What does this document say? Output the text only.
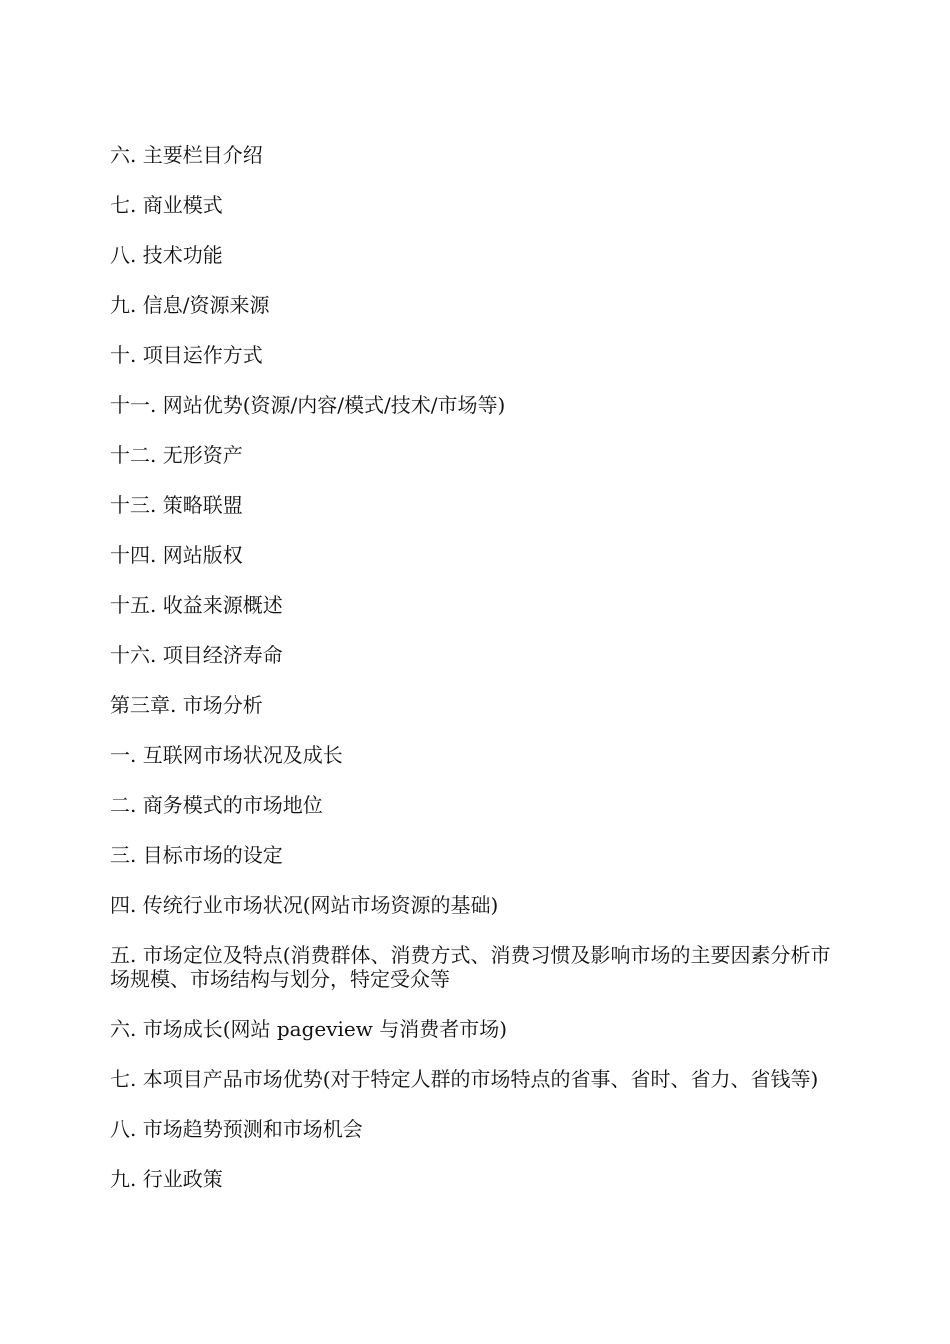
六. 主要栏目介绍
七. 商业模式
八. 技术功能
九. 信息/资源来源
十. 项目运作方式
十一. 网站优势(资源/内容/模式/技术/市场等)
十二. 无形资产
十三. 策略联盟
十四. 网站版权
十五. 收益来源概述
十六. 项目经济寿命
第三章. 市场分析
一. 互联网市场状况及成长
二. 商务模式的市场地位
三. 目标市场的设定
四. 传统行业市场状况(网站市场资源的基础)
五. 市场定位及特点(消费群体、消费方式、消费习惯及影响市场的主要因素分析市场规模、市场结构与划分，特定受众等
六. 市场成长(网站 pageview 与消费者市场)
七. 本项目产品市场优势(对于特定人群的市场特点的省事、省时、省力、省钱等)
八. 市场趋势预测和市场机会
九. 行业政策
